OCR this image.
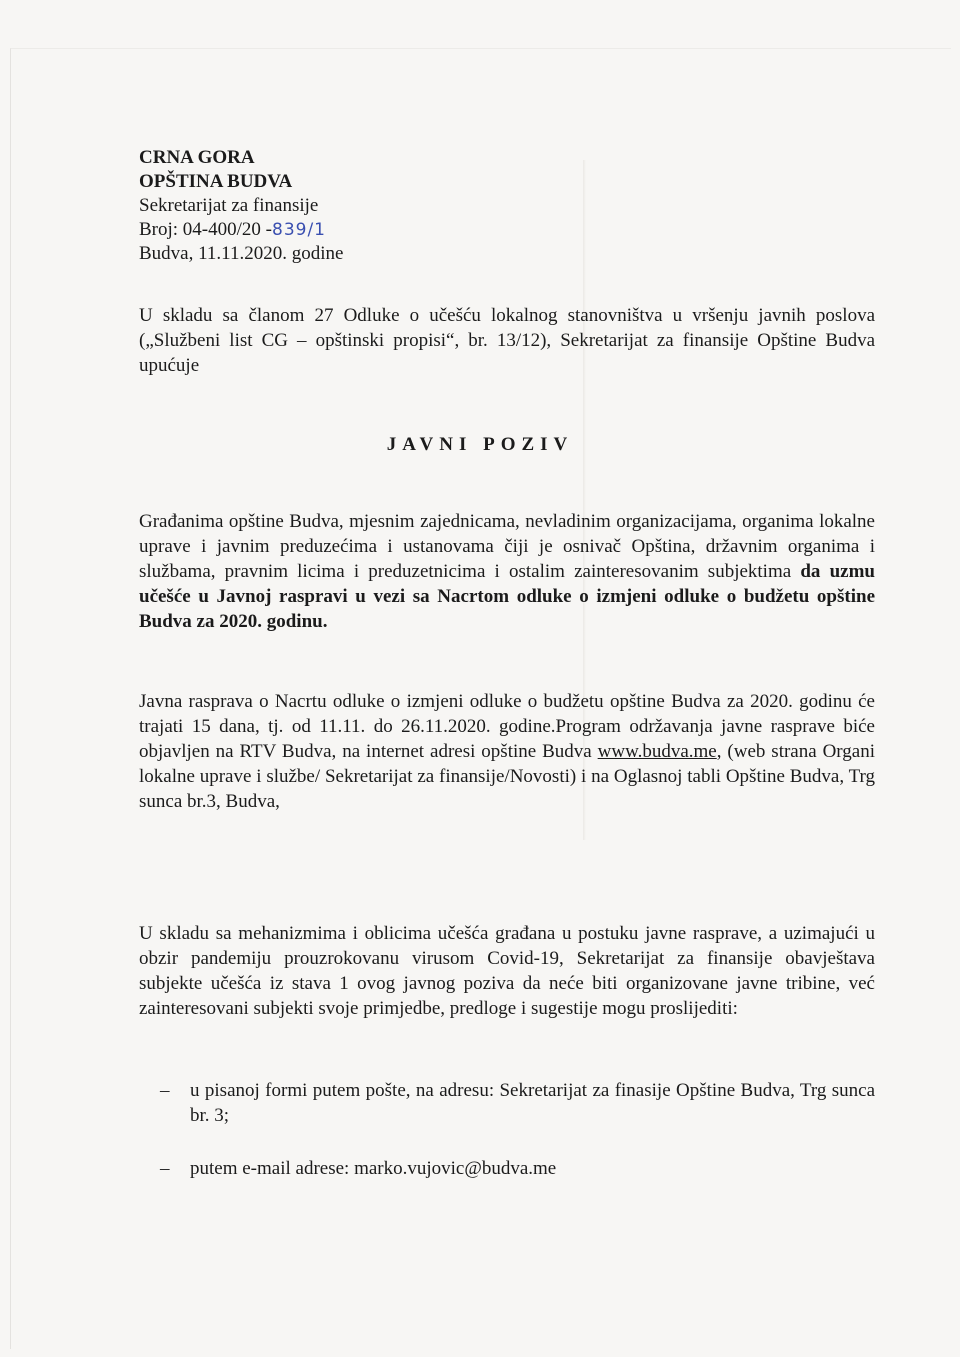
CRNA GORA
OPŠTINA BUDVA
Sekretarijat za finansije
Broj: 04-400/20 -839/1
Budva, 11.11.2020. godine

U skladu sa članom 27 Odluke o učešću lokalnog stanovništva u vršenju javnih poslova („Službeni list CG – opštinski propisi“, br. 13/12), Sekretarijat za finansije Opštine Budva upućuje

JAVNI POZIV

Građanima opštine Budva, mjesnim zajednicama, nevladinim organizacijama, organima lokalne uprave i javnim preduzećima i ustanovama čiji je osnivač Opština, državnim organima i službama, pravnim licima i preduzetnicima i ostalim zainteresovanim subjektima da uzmu učešće u Javnoj raspravi u vezi sa Nacrtom odluke o izmjeni odluke o budžetu opštine Budva za 2020. godinu.

Javna rasprava o Nacrtu odluke o izmjeni odluke o budžetu opštine Budva za 2020. godinu će trajati 15 dana, tj. od 11.11. do 26.11.2020. godine.Program održavanja javne rasprave biće objavljen na RTV Budva, na internet adresi opštine Budva www.budva.me, (web strana Organi lokalne uprave i službe/ Sekretarijat za finansije/Novosti) i na Oglasnoj tabli Opštine Budva, Trg sunca br.3, Budva,

U skladu sa mehanizmima i oblicima učešća građana u postuku javne rasprave, a uzimajući u obzir pandemiju prouzrokovanu virusom Covid-19, Sekretarijat za finansije obavještava subjekte učešća iz stava 1 ovog javnog poziva da neće biti organizovane javne tribine, već zainteresovani subjekti svoje primjedbe, predloge i sugestije mogu proslijediti:

– u pisanoj formi putem pošte, na adresu: Sekretarijat za finasije Opštine Budva, Trg sunca br. 3;
– putem e-mail adrese: marko.vujovic@budva.me
